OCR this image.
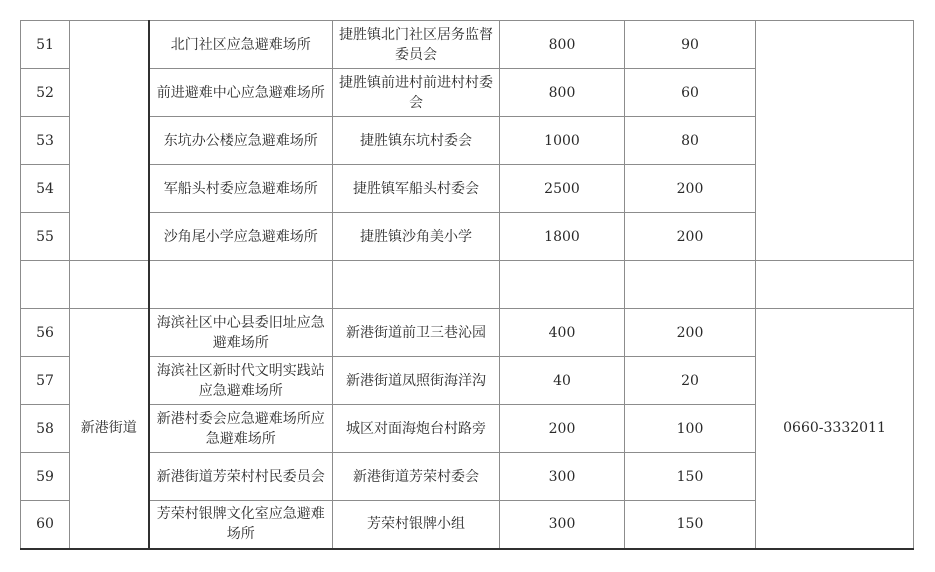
51		北门社区应急避难场所	捷胜镇北门社区居务监督委员会	800	90	
52		前进避难中心应急避难场所	捷胜镇前进村前进村村委会	800	60	
53		东坑办公楼应急避难场所	捷胜镇东坑村委会	1000	80	
54		军船头村委应急避难场所	捷胜镇军船头村委会	2500	200	
55		沙角尾小学应急避难场所	捷胜镇沙角美小学	1800	200	

56	新港街道	海滨社区中心县委旧址应急避难场所	新港街道前卫三巷沁园	400	200	0660-3332011
57		海滨社区新时代文明实践站应急避难场所	新港街道凤照街海洋沟	40	20	
58		新港村委会应急避难场所应急避难场所	城区对面海炮台村路旁	200	100	
59		新港街道芳荣村村民委员会	新港街道芳荣村委会	300	150	
60		芳荣村银牌文化室应急避难场所	芳荣村银牌小组	300	150	
